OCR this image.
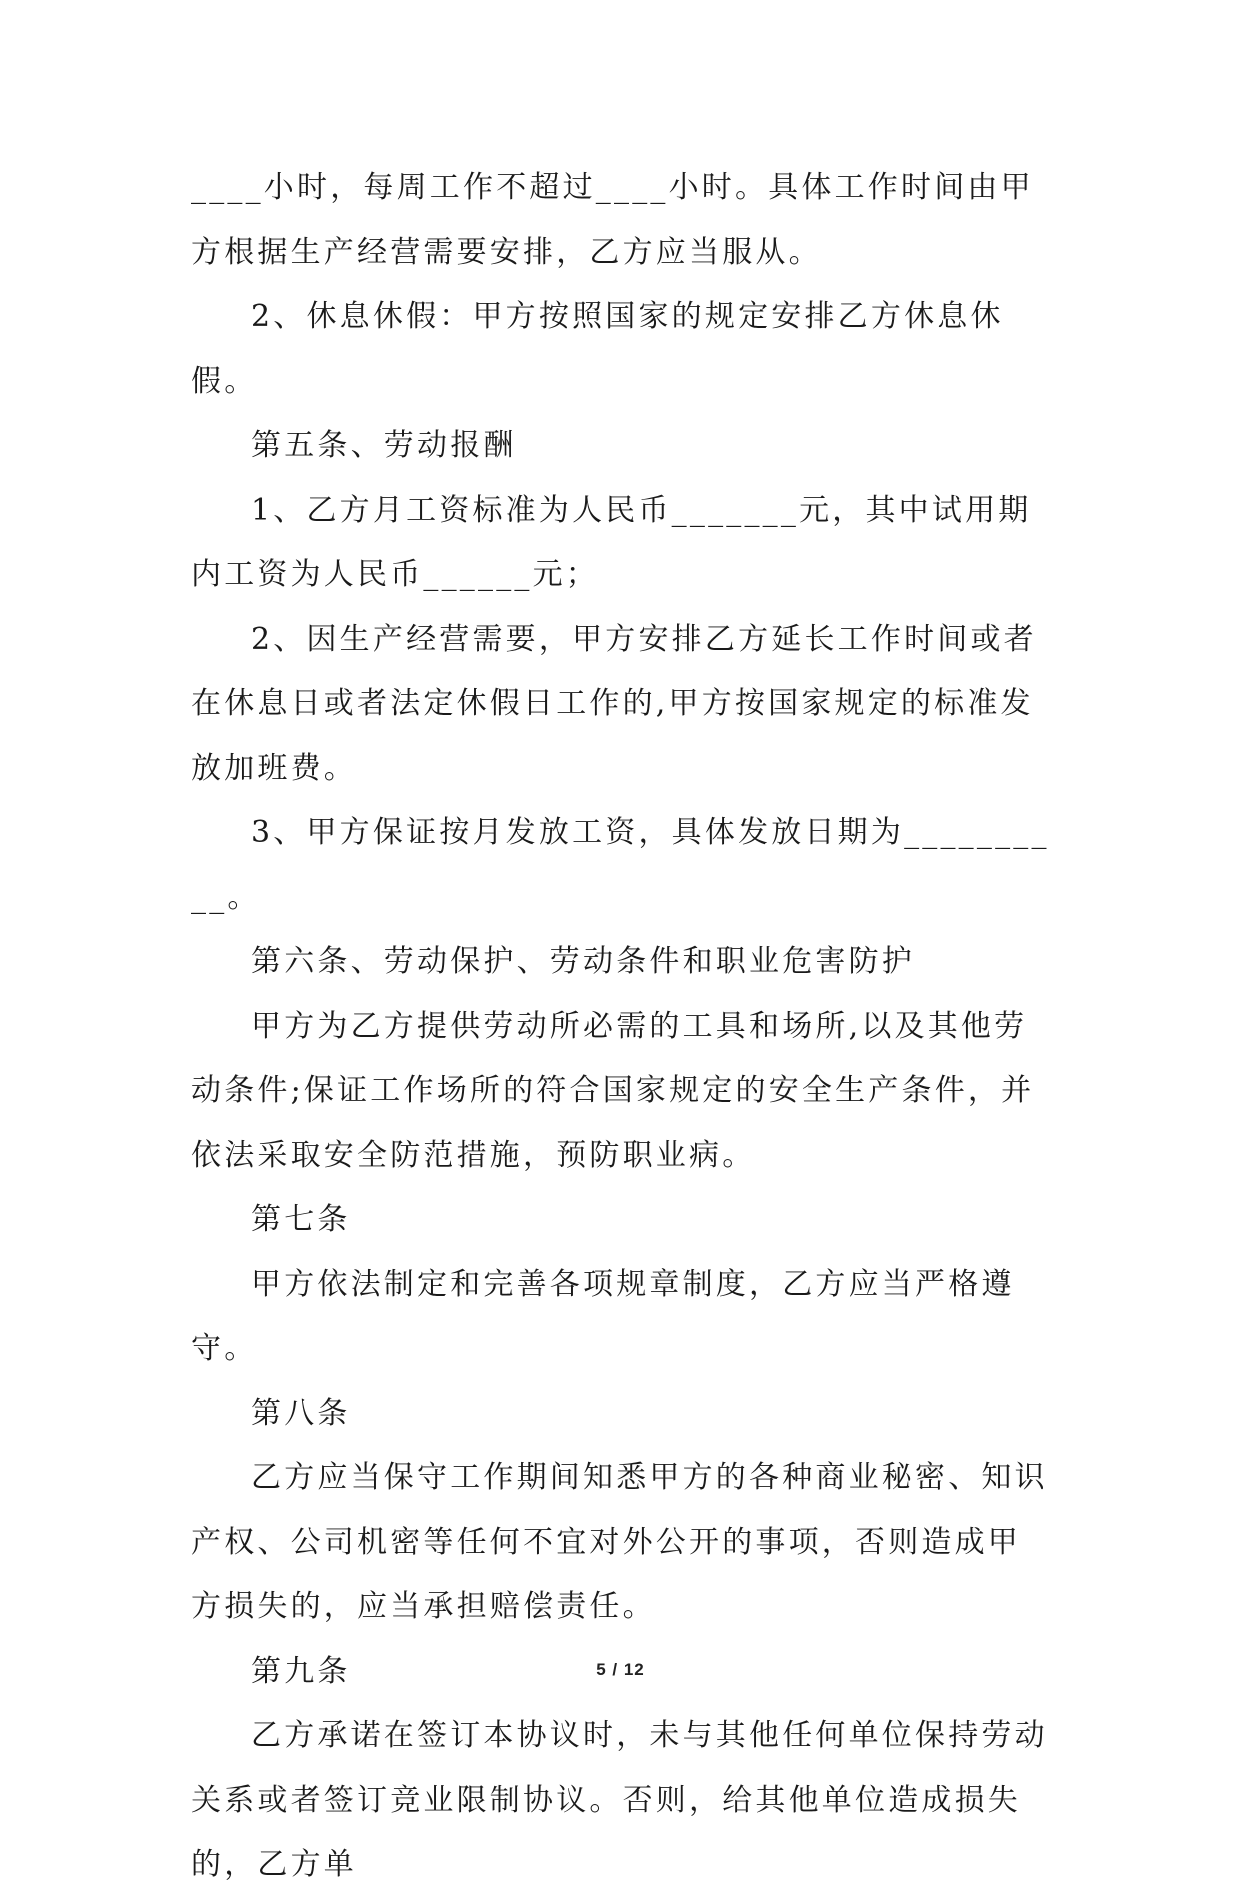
____小时，每周工作不超过____小时。具体工作时间由甲方根据生产经营需要安排，乙方应当服从。

2、休息休假：甲方按照国家的规定安排乙方休息休假。

第五条、劳动报酬

1、乙方月工资标准为人民币_______元，其中试用期内工资为人民币______元；

2、因生产经营需要，甲方安排乙方延长工作时间或者在休息日或者法定休假日工作的,甲方按国家规定的标准发放加班费。

3、甲方保证按月发放工资，具体发放日期为__________。

第六条、劳动保护、劳动条件和职业危害防护

甲方为乙方提供劳动所必需的工具和场所,以及其他劳动条件;保证工作场所的符合国家规定的安全生产条件，并依法采取安全防范措施，预防职业病。

第七条

甲方依法制定和完善各项规章制度，乙方应当严格遵守。

第八条

乙方应当保守工作期间知悉甲方的各种商业秘密、知识产权、公司机密等任何不宜对外公开的事项，否则造成甲方损失的，应当承担赔偿责任。

第九条

乙方承诺在签订本协议时，未与其他任何单位保持劳动关系或者签订竞业限制协议。否则，给其他单位造成损失的，乙方单

5 / 12
